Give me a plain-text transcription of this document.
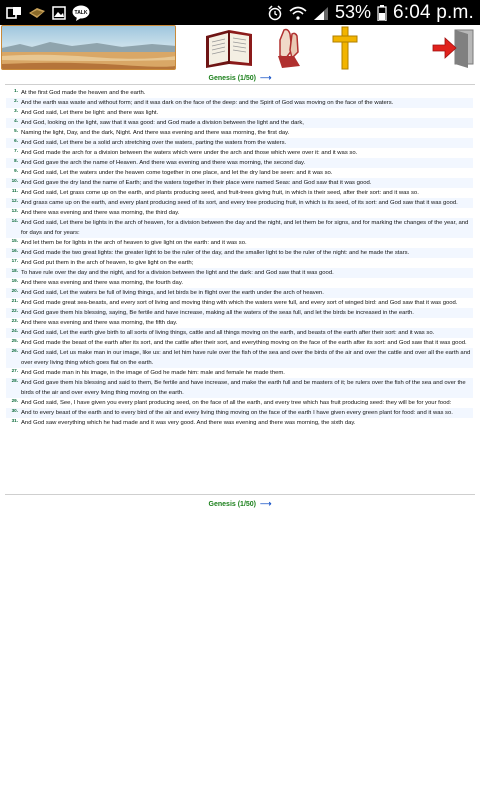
TALK	53% 6:04 p.m.
Genesis (1/50) ⟶
1. At the first God made the heaven and the earth.
2. And the earth was waste and without form; and it was dark on the face of the deep: and the Spirit of God was moving on the face of the waters.
3. And God said, Let there be light: and there was light.
4. And God, looking on the light, saw that it was good: and God made a division between the light and the dark,
5. Naming the light, Day, and the dark, Night. And there was evening and there was morning, the first day.
6. And God said, Let there be a solid arch stretching over the waters, parting the waters from the waters.
7. And God made the arch for a division between the waters which were under the arch and those which were over it: and it was so.
8. And God gave the arch the name of Heaven. And there was evening and there was morning, the second day.
9. And God said, Let the waters under the heaven come together in one place, and let the dry land be seen: and it was so.
10. And God gave the dry land the name of Earth; and the waters together in their place were named Seas: and God saw that it was good.
11. And God said, Let grass come up on the earth, and plants producing seed, and fruit-trees giving fruit, in which is their seed, after their sort: and it was so.
12. And grass came up on the earth, and every plant producing seed of its sort, and every tree producing fruit, in which is its seed, of its sort: and God saw that it was good.
13. And there was evening and there was morning, the third day.
14. And God said, Let there be lights in the arch of heaven, for a division between the day and the night, and let them be for signs, and for marking the changes of the year, and for days and for years:
15. And let them be for lights in the arch of heaven to give light on the earth: and it was so.
16. And God made the two great lights: the greater light to be the ruler of the day, and the smaller light to be the ruler of the night: and he made the stars.
17. And God put them in the arch of heaven, to give light on the earth;
18. To have rule over the day and the night, and for a division between the light and the dark: and God saw that it was good.
19. And there was evening and there was morning, the fourth day.
20. And God said, Let the waters be full of living things, and let birds be in flight over the earth under the arch of heaven.
21. And God made great sea-beasts, and every sort of living and moving thing with which the waters were full, and every sort of winged bird: and God saw that it was good.
22. And God gave them his blessing, saying, Be fertile and have increase, making all the waters of the seas full, and let the birds be increased in the earth.
23. And there was evening and there was morning, the fifth day.
24. And God said, Let the earth give birth to all sorts of living things, cattle and all things moving on the earth, and beasts of the earth after their sort: and it was so.
25. And God made the beast of the earth after its sort, and the cattle after their sort, and everything moving on the face of the earth after its sort: and God saw that it was good.
26. And God said, Let us make man in our image, like us: and let him have rule over the fish of the sea and over the birds of the air and over the cattle and over all the earth and over every living thing which goes flat on the earth.
27. And God made man in his image, in the image of God he made him: male and female he made them.
28. And God gave them his blessing and said to them, Be fertile and have increase, and make the earth full and be masters of it; be rulers over the fish of the sea and over the birds of the air and over every living thing moving on the earth.
29. And God said, See, I have given you every plant producing seed, on the face of all the earth, and every tree which has fruit producing seed: they will be for your food:
30. And to every beast of the earth and to every bird of the air and every living thing moving on the face of the earth I have given every green plant for food: and it was so.
31. And God saw everything which he had made and it was very good. And there was evening and there was morning, the sixth day.
Genesis (1/50) ⟶
